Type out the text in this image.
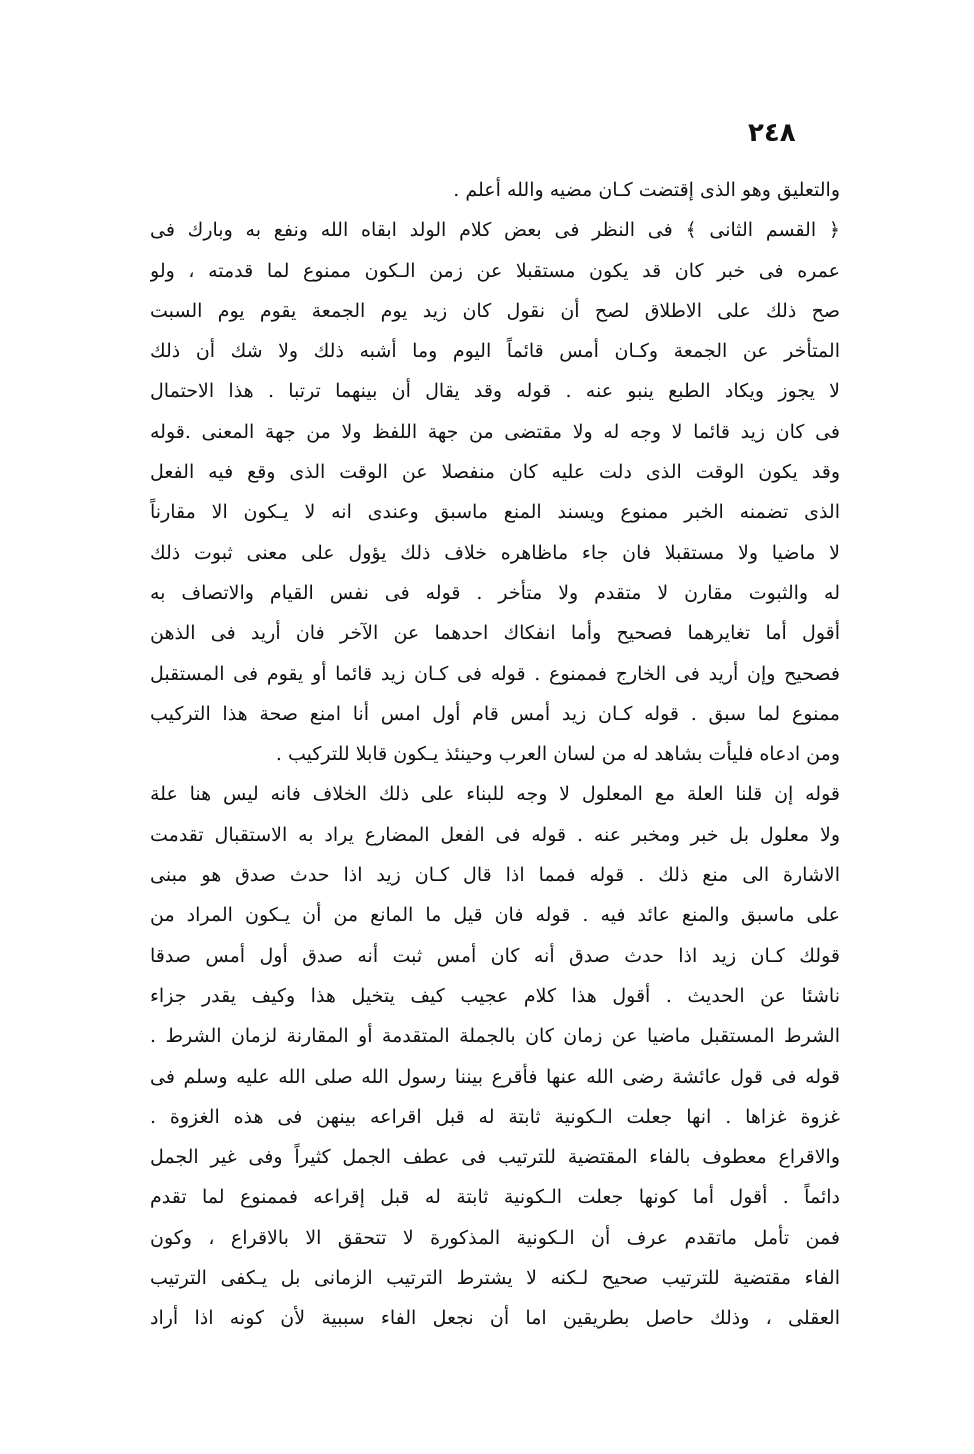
٢٤٨
والتعليق وهو الذى إقتضت كـان مضيه والله أعلم .
﴿ القسم الثانى ﴾ فى النظر فى بعض كلام الولد ابقاه الله ونفع به وبارك فى
عمره فى خبر كان قد يكون مستقبلا عن زمن الـكون ممنوع لما قدمته ، ولو
صح ذلك على الاطلاق لصح أن نقول كان زيد يوم الجمعة يقوم يوم السبت
المتأخر عن الجمعة وكـان أمس قائماً اليوم وما أشبه ذلك ولا شك أن ذلك
لا يجوز ويكاد الطبع ينبو عنه . قوله وقد يقال أن بينهما ترتبا . هذا الاحتمال
فى كان زيد قائما لا وجه له ولا مقتضى من جهة اللفظ ولا من جهة المعنى .قوله
وقد يكون الوقت الذى دلت عليه كان منفصلا عن الوقت الذى وقع فيه الفعل
الذى تضمنه الخبر ممنوع ويسند المنع ماسبق وعندى انه لا يـكون الا مقارناً
لا ماضيا ولا مستقبلا فان جاء ماظاهره خلاف ذلك يؤول على معنى ثبوت ذلك
له والثبوت مقارن لا متقدم ولا متأخر . قوله فى نفس القيام والاتصاف به
أقول أما تغايرهما فصحيح وأما انفكاك احدهما عن الآخر فان أريد فى الذهن
فصحيح وإن أريد فى الخارج فممنوع . قوله فى كـان زيد قائما أو يقوم فى المستقبل
ممنوع لما سبق . قوله كـان زيد أمس قام أول امس أنا امنع صحة هذا التركيب
ومن ادعاه فليأت بشاهد له من لسان العرب وحينئذ يـكون قابلا للتركيب .
قوله إن قلنا العلة مع المعلول لا وجه للبناء على ذلك الخلاف فانه ليس هنا علة
ولا معلول بل خبر ومخبر عنه . قوله فى الفعل المضارع يراد به الاستقبال تقدمت
الاشارة الى منع ذلك . قوله فمما اذا قال كـان زيد اذا حدث صدق هو مبنى
على ماسبق والمنع عائد فيه . قوله فان قيل ما المانع من أن يـكون المراد من
قولك كـان زيد اذا حدث صدق أنه كان أمس ثبت أنه صدق أول أمس صدقا
ناشئا عن الحديث . أقول هذا كلام عجيب كيف يتخيل هذا وكيف يقدر جزاء
الشرط المستقبل ماضيا عن زمان كان بالجملة المتقدمة أو المقارنة لزمان الشرط .
قوله فى قول عائشة رضى الله عنها فأقرع بيننا رسول الله صلى الله عليه وسلم فى
غزوة غزاها . انها جعلت الـكونية ثابتة له قبل اقراعه بينهن فى هذه الغزوة .
والاقراع معطوف بالفاء المقتضية للترتيب فى عطف الجمل كثيراً وفى غير الجمل
دائماً . أقول أما كونها جعلت الـكونية ثابتة له قبل إقراعه فممنوع لما تقدم
فمن تأمل ماتقدم عرف أن الـكونية المذكورة لا تتحقق الا بالاقراع ، وكون
الفاء مقتضية للترتيب صحيح لـكنه لا يشترط الترتيب الزمانى بل يـكفى الترتيب
العقلى ، وذلك حاصل بطريقين اما أن نجعل الفاء سببية لأن كونه اذا أراد
